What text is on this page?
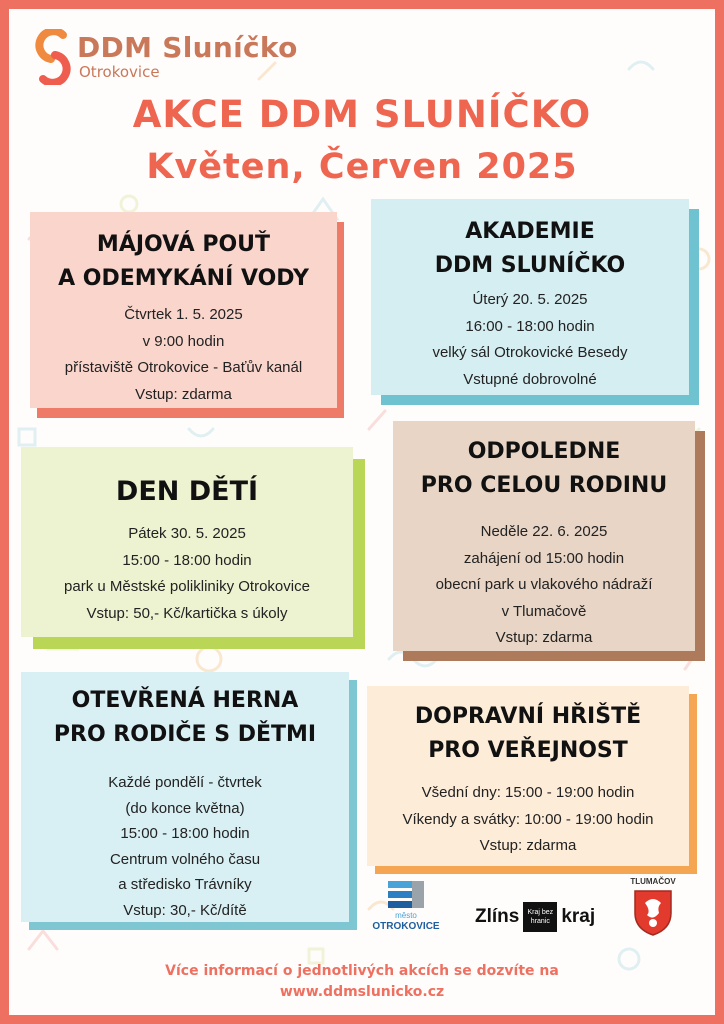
DDM Sluníčko
Otrokovice
AKCE DDM SLUNÍČKO
Květen, Červen 2025
MÁJOVÁ POUŤ
A ODEMYKÁNÍ VODY
Čtvrtek 1. 5. 2025
v 9:00 hodin
přístaviště Otrokovice - Baťův kanál
Vstup: zdarma
AKADEMIE
DDM SLUNÍČKO
Úterý 20. 5. 2025
16:00 - 18:00 hodin
velký sál Otrokovické Besedy
Vstupné dobrovolné
DEN DĚTÍ
Pátek 30. 5. 2025
15:00 - 18:00 hodin
park u Městské polikliniky Otrokovice
Vstup: 50,- Kč/kartička s úkoly
ODPOLEDNE
PRO CELOU RODINU
Neděle 22. 6. 2025
zahájení od 15:00 hodin
obecní park u vlakového nádraží
v Tlumačově
Vstup: zdarma
OTEVŘENÁ HERNA
PRO RODIČE S DĚTMI
Každé pondělí - čtvrtek
(do konce května)
15:00 - 18:00 hodin
Centrum volného času
a středisko Trávníky
Vstup: 30,- Kč/dítě
DOPRAVNÍ HŘIŠTĚ
PRO VEŘEJNOST
Všední dny: 15:00 - 19:00 hodin
Víkendy a svátky: 10:00 - 19:00 hodin
Vstup: zdarma
město
OTROKOVICE Zlíns	Kraj bez hranic kraj
TLUMAČOV
Více informací o jednotlivých akcích se dozvíte na
www.ddmslunicko.cz
